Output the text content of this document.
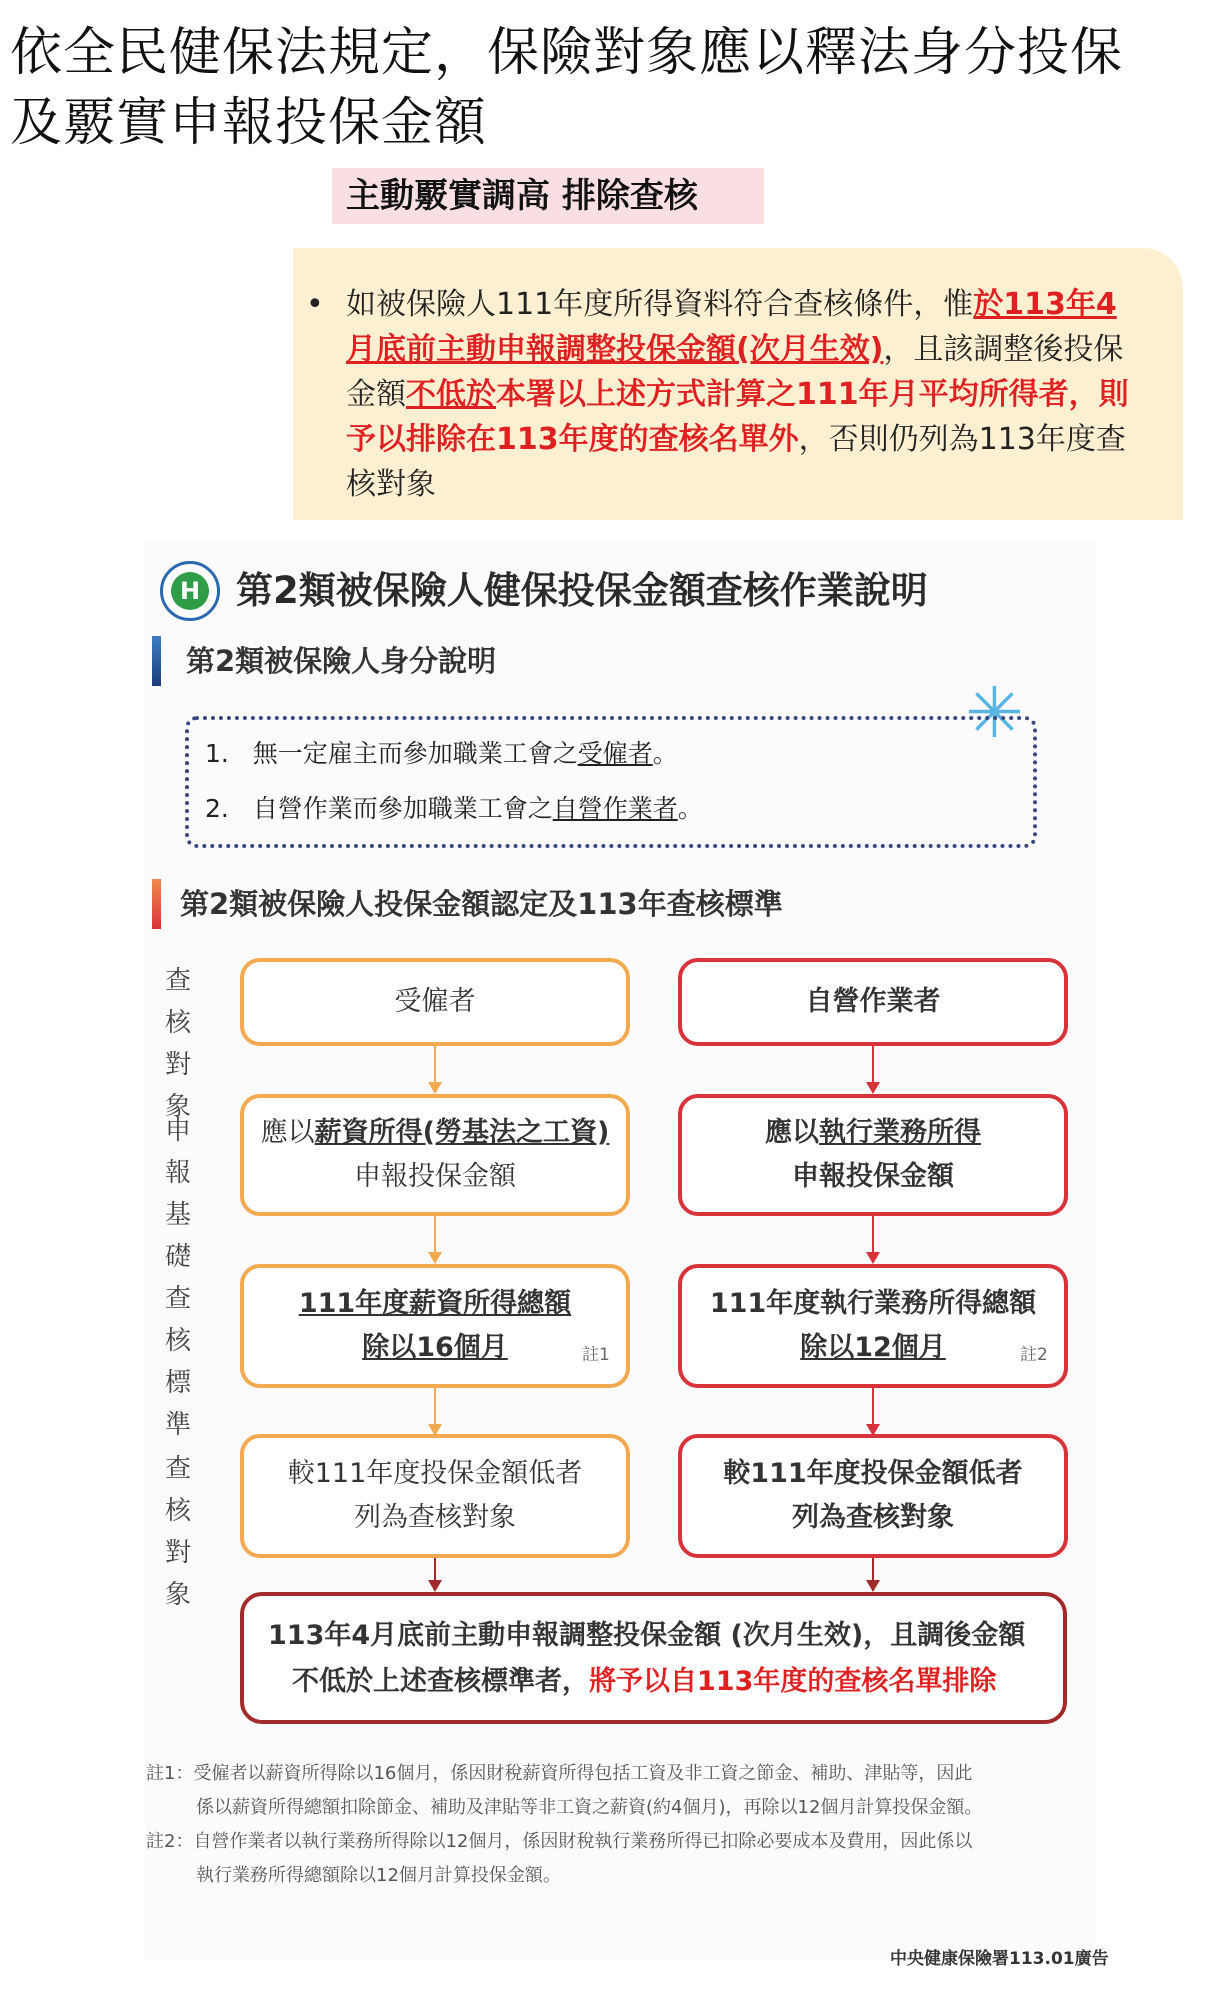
依全民健保法規定，保險對象應以釋法身分投保
及覈實申報投保金額
主動覈實調高 排除查核
• 如被保險人111年度所得資料符合查核條件，惟於113年4月底前主動申報調整投保金額(次月生效)，且該調整後投保金額不低於本署以上述方式計算之111年月平均所得者，則予以排除在113年度的查核名單外，否則仍列為113年度查核對象
H 第2類被保險人健保投保金額查核作業說明
第2類被保險人身分說明
✳
1. 無一定雇主而參加職業工會之受僱者。
2. 自營作業而參加職業工會之自營作業者。
第2類被保險人投保金額認定及113年查核標準
查核
對象
申報
基礎
查核
標準
查核
對象
受僱者
應以薪資所得(勞基法之工資)
申報投保金額
111年度薪資所得總額
除以16個月	註1
較111年度投保金額低者
列為查核對象
自營作業者
應以執行業務所得
申報投保金額
111年度執行業務所得總額
除以12個月	註2
較111年度投保金額低者
列為查核對象
113年4月底前主動申報調整投保金額 (次月生效)，且調後金額
不低於上述查核標準者，將予以自113年度的查核名單排除
註1：受僱者以薪資所得除以16個月，係因財稅薪資所得包括工資及非工資之節金、補助、津貼等，因此
係以薪資所得總額扣除節金、補助及津貼等非工資之薪資(約4個月)，再除以12個月計算投保金額。
註2：自營作業者以執行業務所得除以12個月，係因財稅執行業務所得已扣除必要成本及費用，因此係以
執行業務所得總額除以12個月計算投保金額。
中央健康保險署113.01廣告
